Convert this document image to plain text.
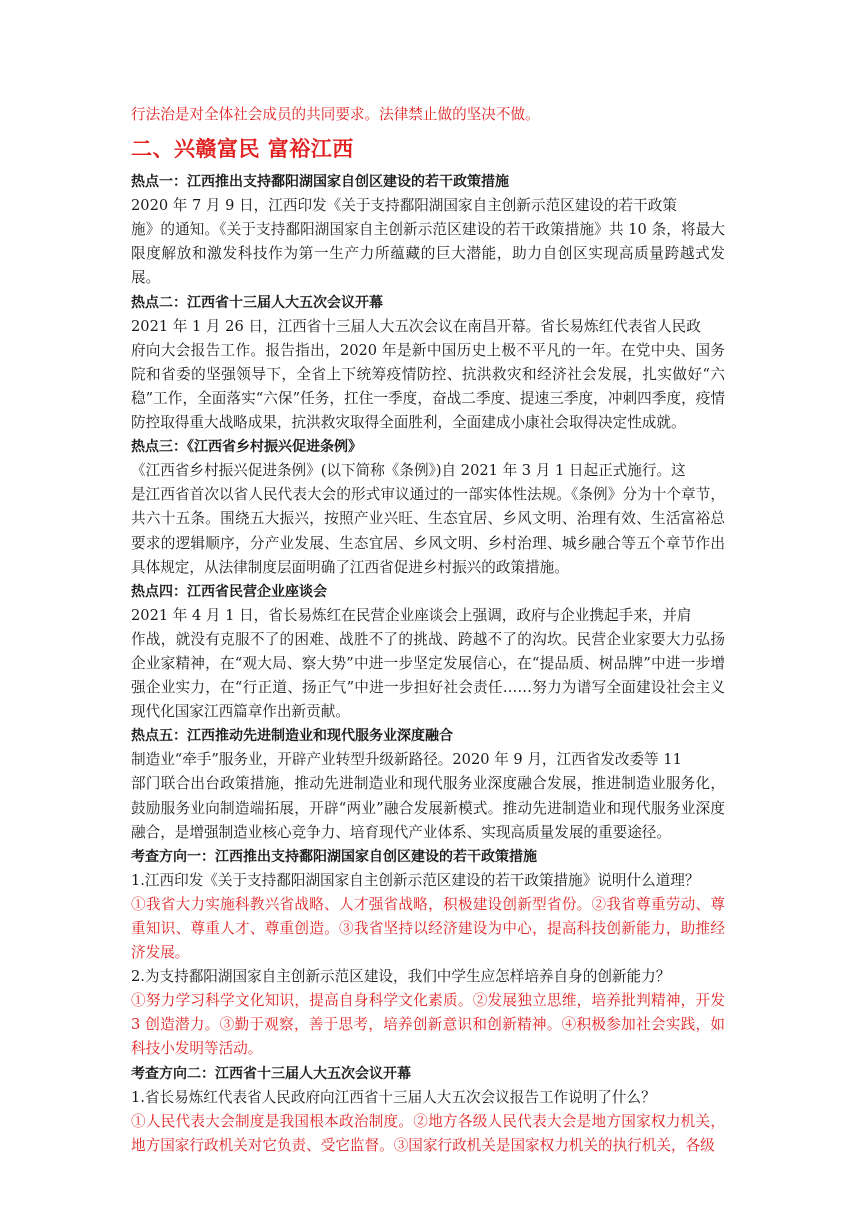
行法治是对全体社会成员的共同要求。法律禁止做的坚决不做。

二、兴赣富民 富裕江西

热点一：江西推出支持鄱阳湖国家自创区建设的若干政策措施

2020 年 7 月 9 日，江西印发《关于支持鄱阳湖国家自主创新示范区建设的若干政策

施》的通知。《关于支持鄱阳湖国家自主创新示范区建设的若干政策措施》共 10 条，将最大限度解放和激发科技作为第一生产力所蕴藏的巨大潜能，助力自创区实现高质量跨越式发展。

热点二：江西省十三届人大五次会议开幕

2021 年 1 月 26 日，江西省十三届人大五次会议在南昌开幕。省长易炼红代表省人民政

府向大会报告工作。报告指出，2020 年是新中国历史上极不平凡的一年。在党中央、国务院和省委的坚强领导下，全省上下统筹疫情防控、抗洪救灾和经济社会发展，扎实做好“六稳”工作，全面落实“六保”任务，扛住一季度，奋战二季度、提速三季度，冲刺四季度，疫情防控取得重大战略成果，抗洪救灾取得全面胜利，全面建成小康社会取得决定性成就。

热点三：《江西省乡村振兴促进条例》

《江西省乡村振兴促进条例》(以下简称《条例》)自 2021 年 3 月 1 日起正式施行。这

是江西省首次以省人民代表大会的形式审议通过的一部实体性法规。《条例》分为十个章节，共六十五条。围绕五大振兴，按照产业兴旺、生态宜居、乡风文明、治理有效、生活富裕总要求的逻辑顺序，分产业发展、生态宜居、乡风文明、乡村治理、城乡融合等五个章节作出具体规定，从法律制度层面明确了江西省促进乡村振兴的政策措施。

热点四：江西省民营企业座谈会

2021 年 4 月 1 日，省长易炼红在民营企业座谈会上强调，政府与企业携起手来，并肩

作战，就没有克服不了的困难、战胜不了的挑战、跨越不了的沟坎。民营企业家要大力弘扬企业家精神，在“观大局、察大势”中进一步坚定发展信心，在“提品质、树品牌”中进一步增强企业实力，在“行正道、扬正气”中进一步担好社会责任……努力为谱写全面建设社会主义现代化国家江西篇章作出新贡献。

热点五：江西推动先进制造业和现代服务业深度融合

制造业“牵手”服务业，开辟产业转型升级新路径。2020 年 9 月，江西省发改委等 11

部门联合出台政策措施，推动先进制造业和现代服务业深度融合发展，推进制造业服务化，鼓励服务业向制造端拓展，开辟“两业”融合发展新模式。推动先进制造业和现代服务业深度融合，是增强制造业核心竞争力、培育现代产业体系、实现高质量发展的重要途径。

考查方向一：江西推出支持鄱阳湖国家自创区建设的若干政策措施

1.江西印发《关于支持鄱阳湖国家自主创新示范区建设的若干政策措施》说明什么道理？

①我省大力实施科教兴省战略、人才强省战略，积极建设创新型省份。②我省尊重劳动、尊重知识、尊重人才、尊重创造。③我省坚持以经济建设为中心，提高科技创新能力，助推经济发展。

2.为支持鄱阳湖国家自主创新示范区建设，我们中学生应怎样培养自身的创新能力？

①努力学习科学文化知识，提高自身科学文化素质。②发展独立思维，培养批判精神，开发 3 创造潜力。③勤于观察，善于思考，培养创新意识和创新精神。④积极参加社会实践，如科技小发明等活动。

考查方向二：江西省十三届人大五次会议开幕

1.省长易炼红代表省人民政府向江西省十三届人大五次会议报告工作说明了什么？

①人民代表大会制度是我国根本政治制度。②地方各级人民代表大会是地方国家权力机关，地方国家行政机关对它负责、受它监督。③国家行政机关是国家权力机关的执行机关，各级
